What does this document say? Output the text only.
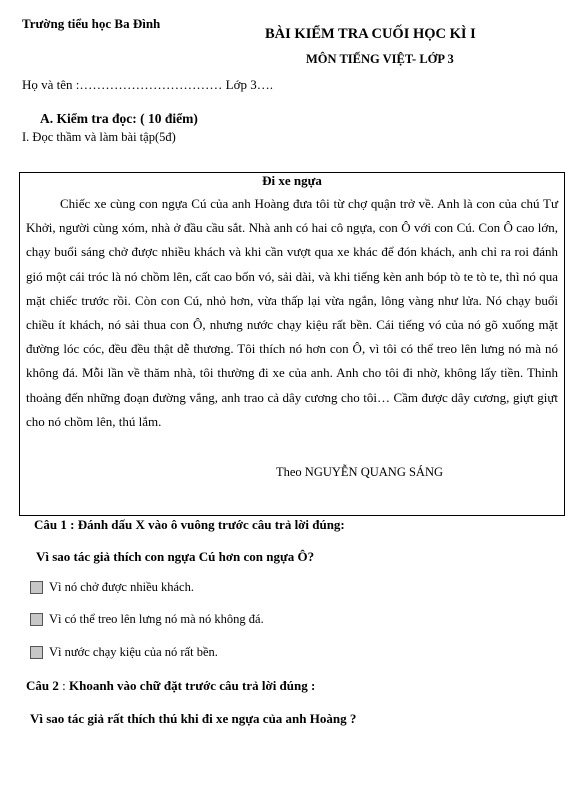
Trường tiểu học Ba Đình
BÀI KIỂM TRA CUỐI HỌC KÌ I
MÔN TIẾNG VIỆT- LỚP 3
Họ và tên :…………………………… Lớp 3….
A. Kiểm tra đọc: ( 10 điểm)
I. Đọc thầm và làm bài tập(5đ)
Đi xe ngựa

Chiếc xe cùng con ngựa Cú của anh Hoàng đưa tôi từ chợ quận trở về. Anh là con của chú Tư Khởi, người cùng xóm, nhà ở đầu cầu sắt. Nhà anh có hai cô ngựa, con Ô với con Cú. Con Ô cao lớn, chạy buổi sáng chở được nhiều khách và khi cần vượt qua xe khác để đón khách, anh chỉ ra roi đánh gió một cái tróc là nó chồm lên, cất cao bốn vó, sải dài, và khi tiếng kèn anh bóp tò te tò te, thì nó qua mặt chiếc trước rồi. Còn con Cú, nhỏ hơn, vừa thấp lại vừa ngắn, lông vàng như lửa. Nó chạy buổi chiều ít khách, nó sải thua con Ô, nhưng nước chạy kiệu rất bền. Cái tiếng vó của nó gõ xuống mặt đường lóc cóc, đều đều thật dễ thương. Tôi thích nó hơn con Ô, vì tôi có thể treo lên lưng nó mà nó không đá. Mỗi lần về thăm nhà, tôi thường đi xe của anh. Anh cho tôi đi nhờ, không lấy tiền. Thỉnh thoảng đến những đoạn đường vắng, anh trao cả dây cương cho tôi… Cầm được dây cương, giựt giựt cho nó chồm lên, thú lắm.

Theo NGUYỄN QUANG SÁNG
Câu 1 : Đánh dấu X vào ô vuông trước câu trả lời đúng:
Vì sao tác giả thích con ngựa Cú hơn con ngựa Ô?
Vì nó chở được nhiều khách.
Vì có thể treo lên lưng nó mà nó không đá.
Vì nước chạy kiệu của nó rất bền.
Câu 2 : Khoanh vào chữ đặt trước câu trả lời đúng :
Vì sao tác giả rất thích thú khi đi xe ngựa của anh Hoàng ?
